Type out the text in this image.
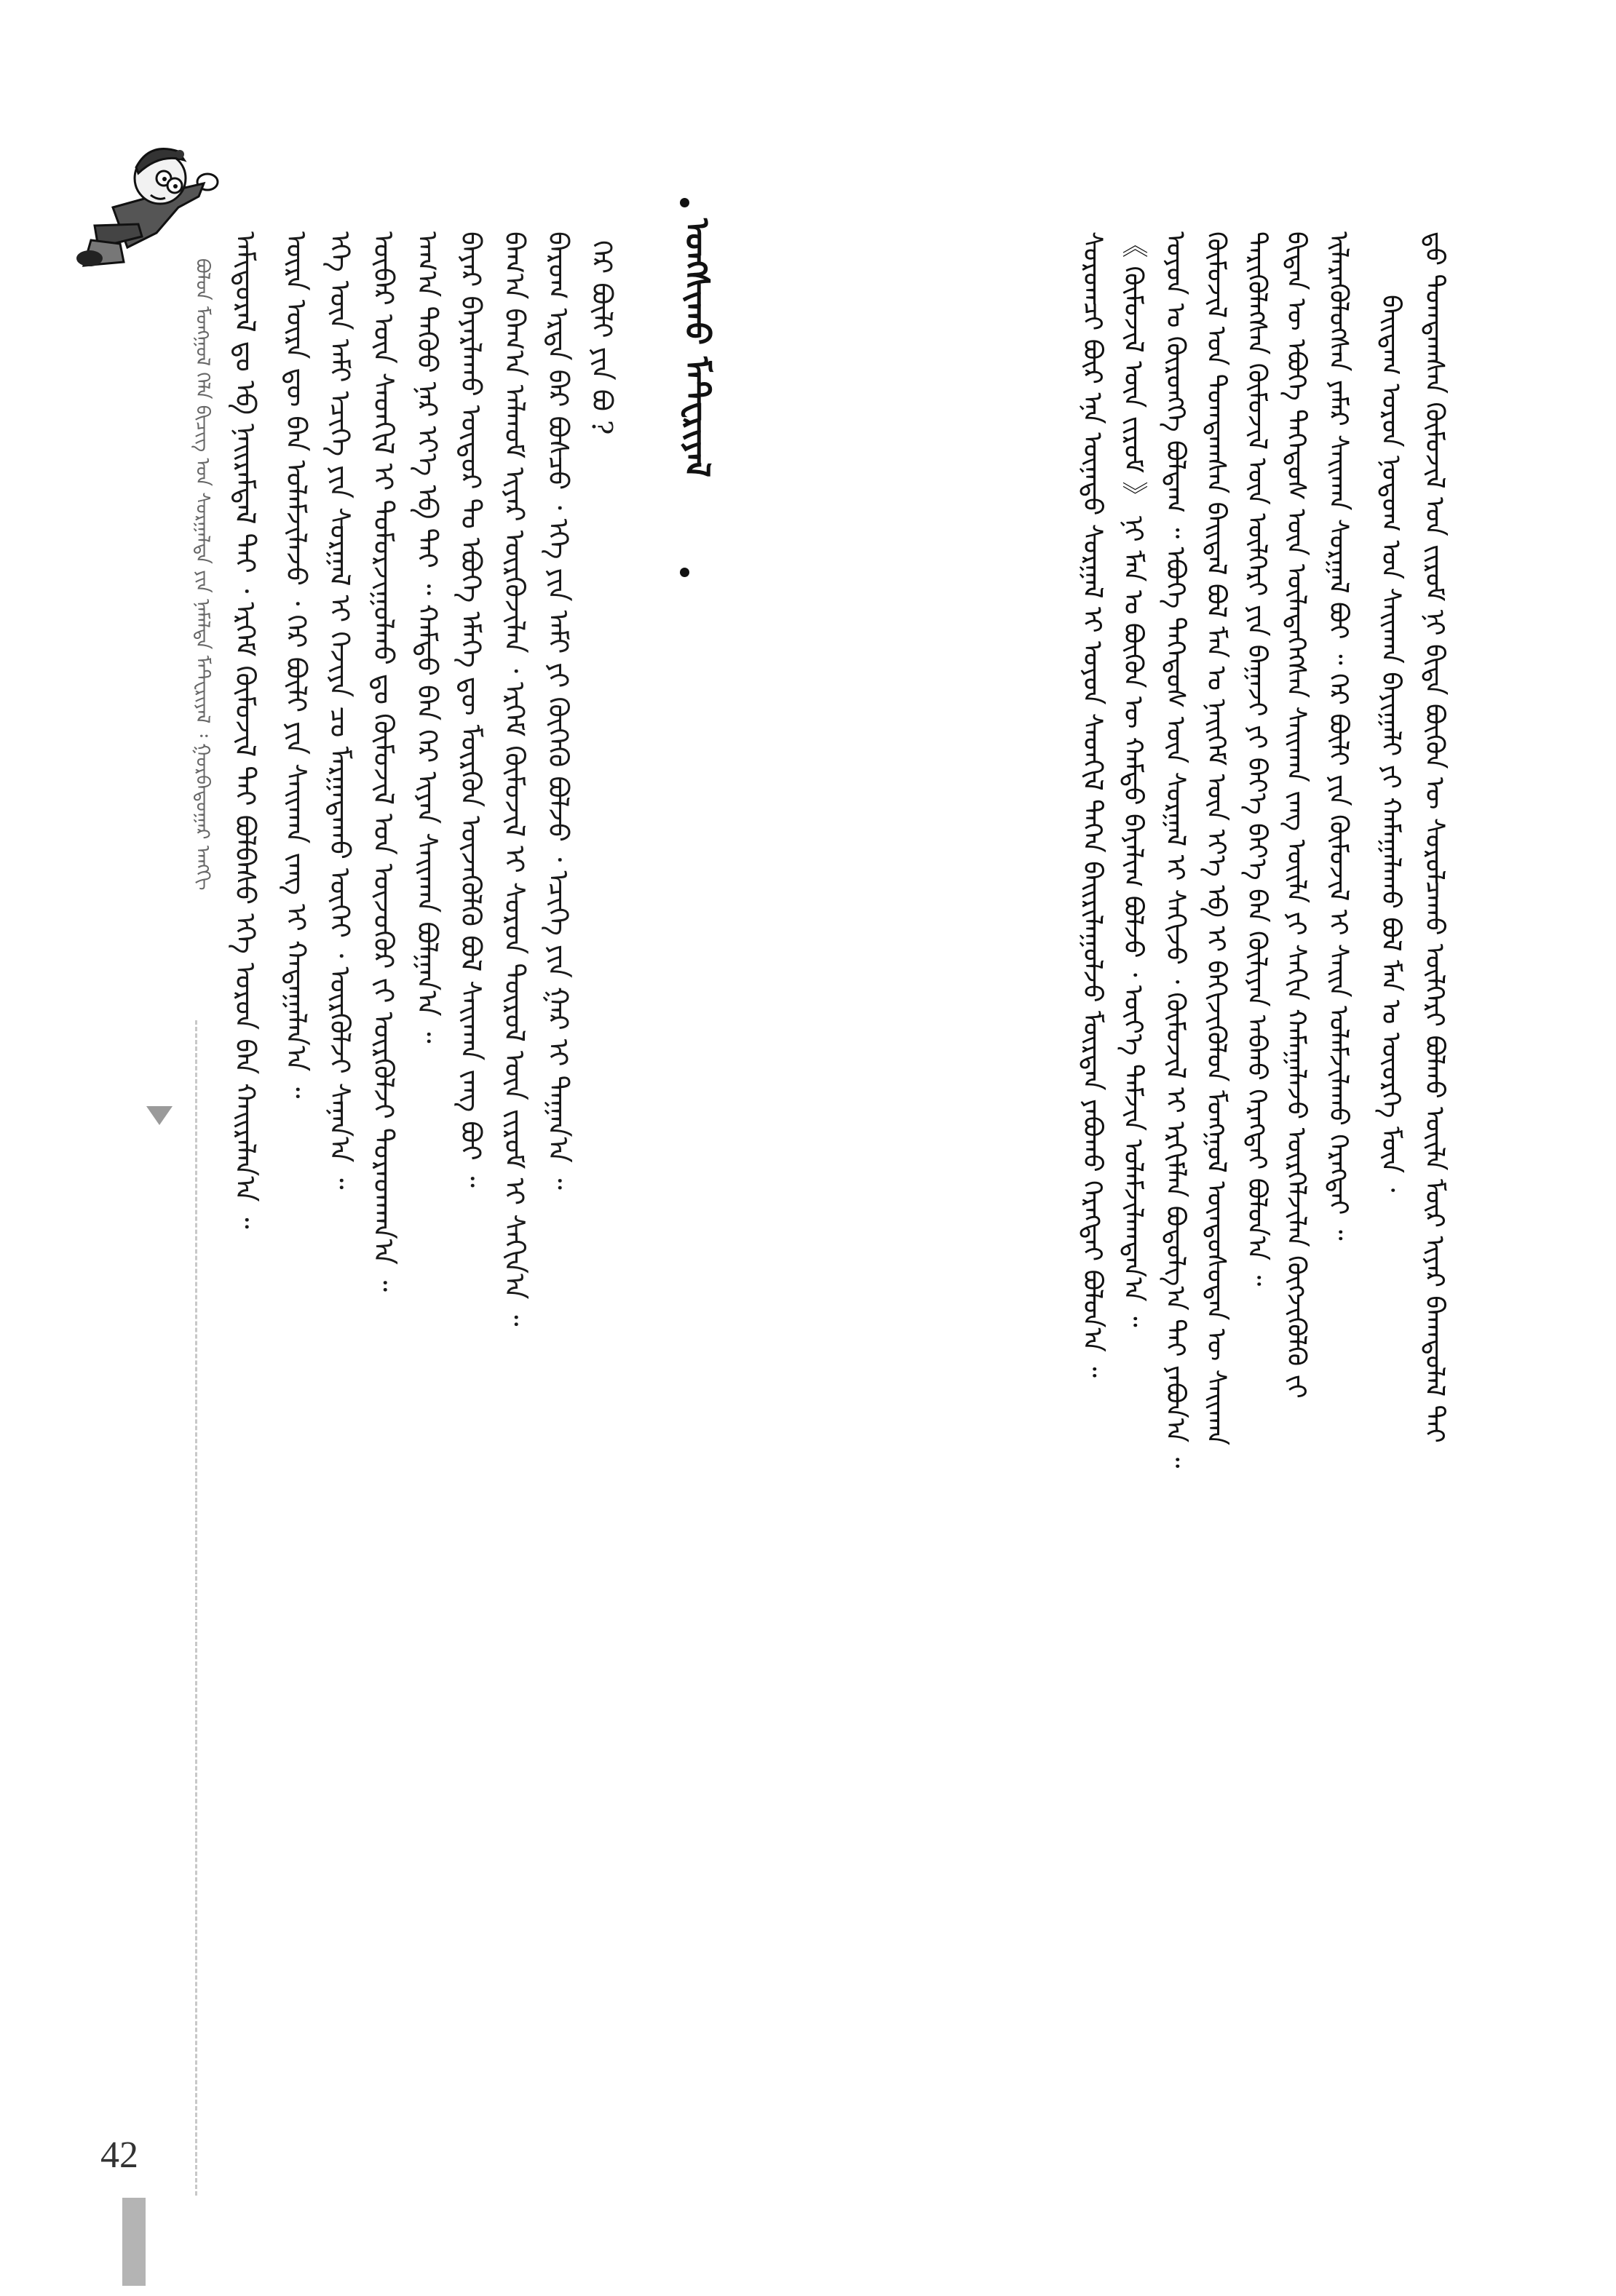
ᠪᠣᠯᠣᠨ ᠮᠣᠩᠭᠣᠯ ᠬᠡᠯᠡ ᠪᠢᠴᠢᠭ ᠤᠨ ᠰᠤᠷᠭᠠᠯᠳᠠ ᠶᠢᠨ ᠨᠡᠮᠡᠯᠲᠡ ᠮᠠᠲ᠋ᠧᠷᠢᠶᠠᠯ ᠄ ᠭᠤᠷᠪᠠᠳᠤᠭᠠᠷ ᠠᠩᠭᠢ	ᠭᠡᠷ ᠪᠦᠯᠢ ᠶᠢᠨ ᠪᠤ ?
ᠪᠠᠷᠤᠭ ᠡᠷᠲᠡ ᠪᠡᠷ ᠪᠣᠰᠴᠤ ᠂ ᠡᠬᠡ ᠶᠢᠨ ᠠᠮᠢ ᠶᠢ ᠬᠥᠬᠡᠬᠦ ᠪᠣᠯᠵᠤ ᠂ ᠡᠴᠢᠭᠡ ᠶᠢᠨ ᠭᠠᠷ ᠢ ᠳᠠᠭᠠᠨ᠎ᠠ ᠃
ᠪᠠᠭ᠎ᠠ ᠪᠠᠭ᠎ᠠ ᠠᠯᠬᠤᠮ ᠢᠶᠠᠷ ᠦᠷᠭᠦᠵᠢᠯᠡᠨ ᠂ ᠡᠷᠬᠡᠮ ᠬᠦᠮᠦᠵᠢᠯ ᠢ ᠰᠤᠷᠤᠨ ᠲᠦᠷᠦᠯ ᠦᠨ ᠵᠢᠷᠤᠮ ᠢ ᠰᠠᠬᠢᠨ᠎ᠠ ᠃
ᠪᠠᠶᠠᠷ ᠪᠠᠶᠠᠷᠯᠠᠬᠤ ᠦᠳᠦᠷ ᠲᠤ ᠡᠪᠦᠭᠡ ᠡᠮᠡᠭᠡ ᠳᠦ ᠮᠥᠷᠭᠦᠨ ᠦᠵᠡᠭᠦᠯᠬᠦ ᠪᠣᠯ ᠰᠠᠢᠬᠠᠨ ᠵᠠᠩ ᠪᠣᠢ ᠃
ᠠᠬ᠎ᠠ ᠳᠡᠭᠦᠦ ᠨᠠᠷ ᠡᠶ᠎ᠡ ᠡᠪ ᠲᠠᠢ ᠃ ᠬᠠᠮᠲᠤ ᠪᠠᠨ ᠭᠡᠷ ᠢᠶᠡᠨ ᠰᠠᠢᠬᠠᠨ ᠪᠣᠯᠭᠠᠨ᠎ᠠ ᠃
ᠥᠪᠡᠷ ᠦᠨ ᠰᠡᠳᠬᠢᠯ ᠢ ᠲᠣᠮᠣᠷᠵᠢᠭᠤᠯᠬᠤ ᠳᠤ ᠬᠦᠮᠦᠵᠢᠯ ᠤᠨ ᠦᠵᠦᠭᠦᠷ ᠵᠢ ᠦᠷᠭᠦᠯᠵᠢ ᠳᠤᠷᠠᠳᠬᠠᠨ᠎ᠠ ᠃
ᠡᠬᠡ ᠦᠨ ᠠᠮᠢ ᠡᠴᠢᠭᠡ ᠶᠢᠨ ᠰᠤᠷᠭᠠᠯ ᠢ ᠬᠡᠵᠢᠶᠡ ᠴᠤ ᠮᠠᠷᠭᠠᠲᠠᠬᠤ ᠦᠭᠡᠢ ᠂ ᠦᠷᠭᠦᠯᠵᠢ ᠰᠠᠨᠠᠨ᠎ᠠ ᠃
ᠦᠷᠡ ᠦᠷᠡ ᠳᠦ ᠪᠡᠨ ᠤᠯᠠᠮᠵᠢᠯᠠᠵᠤ ᠂ ᠭᠡᠷ ᠪᠦᠯᠢ ᠶᠢᠨ ᠰᠠᠢᠬᠠᠨ ᠵᠠᠩ ᠢ ᠬᠠᠳᠠᠭᠠᠯᠠᠨ᠎ᠠ ᠃
ᠠᠮᠢᠳᠤᠷᠠᠯ ᠳᠤ ᠡᠪ ᠨᠠᠢᠷᠠᠮᠳᠠᠯ ᠲᠠᠢ ᠂ ᠡᠷᠬᠡᠮ ᠬᠦᠮᠦᠵᠢᠯ ᠲᠠᠢ ᠪᠣᠯᠪᠠᠰᠤ ᠡᠬᠡ ᠣᠷᠣᠨ ᠪᠠᠨ ᠬᠠᠢᠷᠠᠯᠠᠨ᠎ᠠ ᠃	ᠤᠩᠰᠢᠬᠤ ᠮᠠᠲ᠋ᠧᠷᠢᠶᠠᠯ	ᠳ᠋ᠤ ᠲᠣᠭᠲᠠᠭᠰᠠᠨ ᠬᠦᠮᠦᠵᠢᠯ ᠤᠨ ᠵᠢᠷᠤᠮ ᠨᠢ ᠪᠢᠳᠡ ᠪᠦᠬᠦᠨ ᠦ ᠰᠤᠷᠤᠯᠴᠠᠬᠤ ᠦᠯᠭᠡᠷᠢ ᠪᠣᠯᠬᠤ ᠦᠢᠯᠡ ᠮᠥᠷ ᠢᠶᠡᠷ ᠪᠠᠬᠠᠳᠤᠯᠠᠯ ᠲᠠᠢ
ᠪᠠᠢᠳᠠᠭ ᠣᠷᠣᠨ ᠨᠤᠲᠤᠭ ᠤᠨ ᠰᠠᠢᠬᠠᠨ ᠪᠠᠶᠢᠭᠠᠯᠢ ᠶᠢ ᠬᠠᠮᠠᠭᠠᠯᠠᠬᠤ ᠪᠣᠯ ᠮᠠᠨ ᠤ ᠦᠦᠷᠭᠡ ᠮᠦᠨ ᠂
ᠢᠯᠡᠷᠡᠭᠦᠯᠦᠭᠰᠡᠨ ᠶᠠᠮᠠᠷ ᠰᠠᠢᠬᠠᠨ ᠰᠤᠷᠭᠠᠯ ᠪᠣᠢ ᠃ ᠭᠡᠷ ᠪᠦᠯᠢ ᠶᠢᠨ ᠬᠦᠮᠦᠵᠢᠯ ᠢ ᠰᠠᠢᠨ ᠤᠯᠠᠮᠵᠢᠯᠠᠬᠤ ᠬᠡᠷᠡᠭᠲᠡᠢ ᠃
ᠪᠢᠳᠡᠨ ᠦ ᠡᠪᠦᠭᠡ ᠳᠡᠭᠡᠳᠦᠰ ᠦᠨ ᠦᠯᠡᠳᠡᠭᠡᠭᠰᠡᠨ ᠰᠠᠢᠬᠠᠨ ᠵᠠᠩ ᠦᠢᠯᠡ ᠶᠢ ᠰᠠᠬᠢᠨ ᠬᠠᠮᠠᠭᠠᠯᠠᠵᠤ ᠦᠷᠭᠡᠯᠵᠢᠯᠡᠨ ᠬᠦᠭᠵᠢᠭᠦᠯᠬᠦ ᠵᠢ
ᠲᠡᠷᠢᠭᠦᠯᠡᠭᠰᠡᠨ ᠬᠦᠮᠦᠵᠢᠯ ᠦᠨ ᠦᠯᠭᠡᠷᠢ ᠶᠢᠨ ᠪᠠᠭᠠᠵᠢ ᠶᠢ ᠪᠡᠶ᠎ᠡ ᠪᠡᠶ᠎ᠡ ᠪᠡᠨ ᠬᠦᠯᠢᠶᠡᠨ ᠠᠪᠬᠤ ᠬᠡᠷᠡᠭᠲᠡᠢ ᠪᠣᠯᠤᠨ᠎ᠠ ᠃
ᠬᠦᠮᠦᠵᠢᠯ ᠤᠨ ᠲᠣᠭᠲᠠᠭᠰᠠᠨ ᠪᠠᠢᠳᠠᠯ ᠪᠣᠯ ᠮᠠᠨ ᠤ ᠨᠡᠢᠭᠡᠮ ᠦᠨ ᠡᠶ᠎ᠡ ᠡᠪ ᠢ ᠪᠡᠬᠢᠵᠢᠭᠦᠯᠦᠨ ᠮᠣᠩᠭᠣᠯ ᠦᠨᠳᠦᠰᠦᠲᠡᠨ ᠦ ᠰᠠᠢᠬᠠᠨ
ᠣᠶᠤᠨ ᠤ ᠬᠥᠷᠥᠩᠭᠡ ᠪᠣᠯᠳᠠᠭ ᠃ ᠡᠪᠦᠭᠡ ᠳᠡᠭᠡᠳᠦᠰ ᠦᠨ ᠰᠤᠷᠭᠠᠯ ᠢ ᠰᠠᠬᠢᠵᠤ ᠂ ᠬᠦᠮᠦᠵᠢᠯ ᠢ ᠡᠷᠬᠢᠮᠯᠡᠨ ᠪᠣᠳᠣᠯᠭ᠎ᠠ ᠲᠠᠢ ᠶᠠᠪᠤᠨ᠎ᠠ ᠃
《 ᠬᠦᠮᠦᠵᠢᠯ ᠦᠨ ᠵᠢᠷᠤᠮ 》 ᠨᠢ ᠮᠠᠨ ᠤ ᠪᠦᠬᠦᠨ ᠦ ᠬᠠᠮᠲᠤ ᠪᠠᠶᠠᠯᠢᠭ ᠪᠣᠯᠵᠤ ᠂ ᠦᠶ᠎ᠡ ᠳᠠᠮᠵᠢᠨ ᠤᠯᠠᠮᠵᠢᠯᠠᠭᠳᠠᠨ᠎ᠠ ᠃
ᠰᠤᠷᠤᠭᠴᠢ ᠪᠦᠷ ᠡᠨᠡ ᠦᠨᠡᠲᠦ ᠰᠤᠷᠭᠠᠯ ᠢ ᠣᠶᠤᠨ ᠰᠡᠳᠬᠢᠯ ᠳᠡᠭᠡᠨ ᠪᠠᠢᠷᠢᠯᠠᠭᠤᠯᠵᠤ ᠮᠥᠷᠳᠡᠨ ᠶᠠᠪᠤᠬᠤ ᠬᠡᠷᠡᠭᠲᠡᠢ ᠪᠣᠯᠤᠨ᠎ᠠ ᠃
42
